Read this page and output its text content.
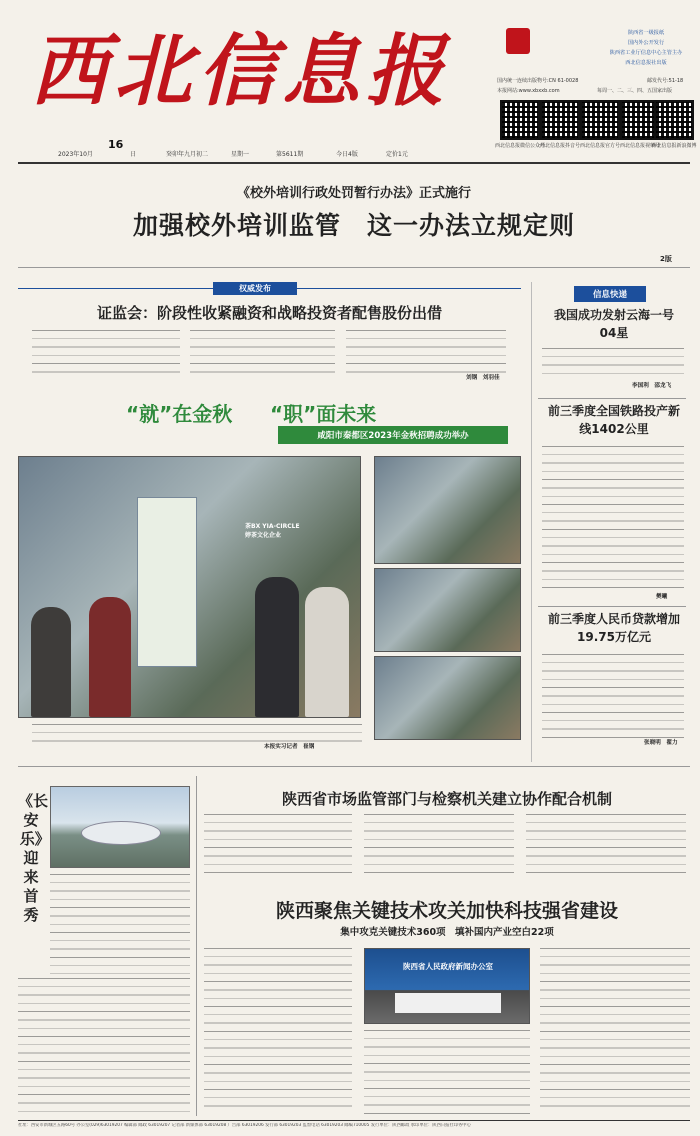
西北信息报	陕西省一级报纸
国内外公开发行
陕西省工业厅信息中心主管主办
西北信息报社出版
国内统一连续出版物号:CN 61-0028	邮发代号:51-18
本报网站:www.xbxxb.com	每周一、二、三、四、五国家出版
西北信息报微信公众号
西北信息报抖音号 西北信息报官方号 西北信息报视频号
西北信息报新浪微博
2023年10月
16
日	癸卯年九月初二	星期一	第5611期	今日4版	定价1元
《校外培训行政处罚暂行办法》正式施行
加强校外培训监管　这一办法立规定则
2版
权威发布
证监会：阶段性收紧融资和战略投资者配售股份出借
刘钢　刘羽佳
“就”在金秋 “职”面未来
咸阳市秦都区2023年金秋招聘成功举办
茶BX YIA-CIRCLE　婷茶文化企业
本报实习记者　崔钢
信息快递
我国成功发射云海一号04星
李国利　邵龙飞
前三季度全国铁路投产新线1402公里
樊曦
前三季度人民币贷款增加19.75万亿元
张晓明　翟力
《长安乐》迎来首秀
陕西省市场监管部门与检察机关建立协作配合机制
陕西聚焦关键技术攻关加快科技强省建设
集中攻克关键技术360项　填补国内产业空白22项
陕西省人民政府新闻办公室
社址：西安市新城区五路60号 办公室(029)63019207 编辑部 邮政 63019207 记者部 新媒体部 63019208 广告部 63019206 发行部 63019203 监督电话 63019203 邮编710005 发行单位：陕西邮政 承印单位：陕西日报社印务中心
